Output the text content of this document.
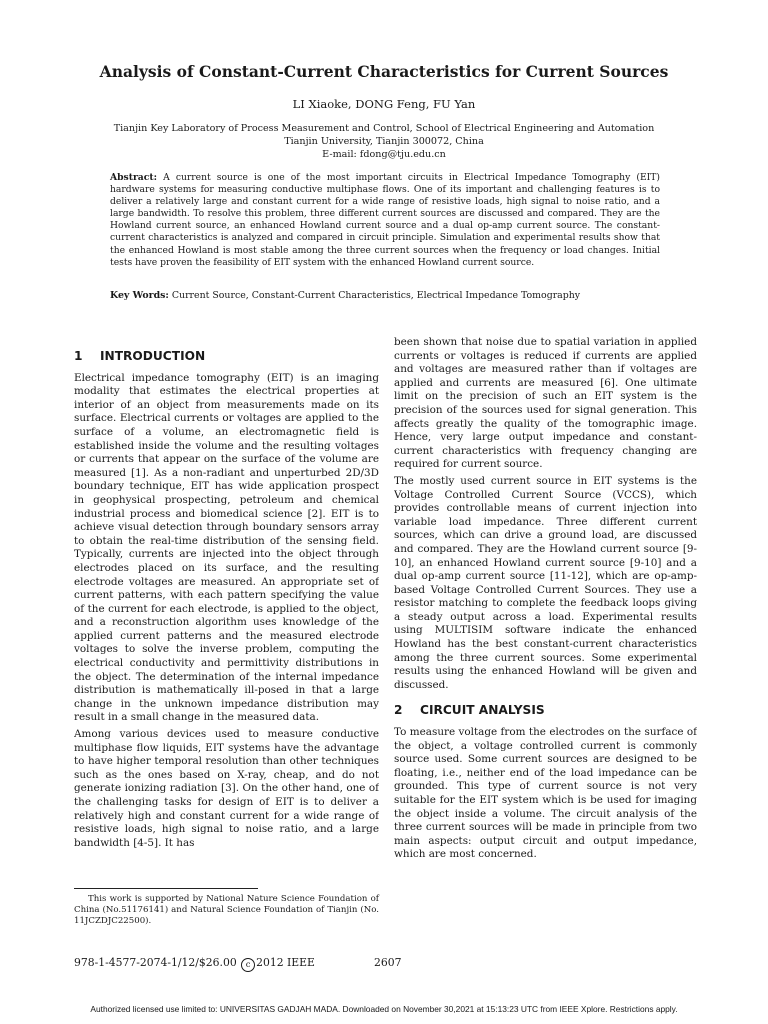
Analysis of Constant-Current Characteristics for Current Sources
LI Xiaoke, DONG Feng, FU Yan
Tianjin Key Laboratory of Process Measurement and Control, School of Electrical Engineering and Automation
Tianjin University, Tianjin 300072, China
E-mail: fdong@tju.edu.cn
Abstract: A current source is one of the most important circuits in Electrical Impedance Tomography (EIT) hardware systems for measuring conductive multiphase flows. One of its important and challenging features is to deliver a relatively large and constant current for a wide range of resistive loads, high signal to noise ratio, and a large bandwidth. To resolve this problem, three different current sources are discussed and compared. They are the Howland current source, an enhanced Howland current source and a dual op-amp current source. The constant-current characteristics is analyzed and compared in circuit principle. Simulation and experimental results show that the enhanced Howland is most stable among the three current sources when the frequency or load changes. Initial tests have proven the feasibility of EIT system with the enhanced Howland current source.
Key Words: Current Source, Constant-Current Characteristics, Electrical Impedance Tomography
1 INTRODUCTION

Electrical impedance tomography (EIT) is an imaging modality that estimates the electrical properties at interior of an object from measurements made on its surface. Electrical currents or voltages are applied to the surface of a volume, an electromagnetic field is established inside the volume and the resulting voltages or currents that appear on the surface of the volume are measured [1]. As a non-radiant and unperturbed 2D/3D boundary technique, EIT has wide application prospect in geophysical prospecting, petroleum and chemical industrial process and biomedical science [2]. EIT is to achieve visual detection through boundary sensors array to obtain the real-time distribution of the sensing field. Typically, currents are injected into the object through electrodes placed on its surface, and the resulting electrode voltages are measured. An appropriate set of current patterns, with each pattern specifying the value of the current for each electrode, is applied to the object, and a reconstruction algorithm uses knowledge of the applied current patterns and the measured electrode voltages to solve the inverse problem, computing the electrical conductivity and permittivity distributions in the object. The determination of the internal impedance distribution is mathematically ill-posed in that a large change in the unknown impedance distribution may result in a small change in the measured data.

Among various devices used to measure conductive multiphase flow liquids, EIT systems have the advantage to have higher temporal resolution than other techniques such as the ones based on X-ray, cheap, and do not generate ionizing radiation [3]. On the other hand, one of the challenging tasks for design of EIT is to deliver a relatively high and constant current for a wide range of resistive loads, high signal to noise ratio, and a large bandwidth [4-5]. It has

been shown that noise due to spatial variation in applied currents or voltages is reduced if currents are applied and voltages are measured rather than if voltages are applied and currents are measured [6]. One ultimate limit on the precision of such an EIT system is the precision of the sources used for signal generation. This affects greatly the quality of the tomographic image. Hence, very large output impedance and constant-current characteristics with frequency changing are required for current source.

The mostly used current source in EIT systems is the Voltage Controlled Current Source (VCCS), which provides controllable means of current injection into variable load impedance. Three different current sources, which can drive a ground load, are discussed and compared. They are the Howland current source [9-10], an enhanced Howland current source [9-10] and a dual op-amp current source [11-12], which are op-amp-based Voltage Controlled Current Sources. They use a resistor matching to complete the feedback loops giving a steady output across a load. Experimental results using MULTISIM software indicate the enhanced Howland has the best constant-current characteristics among the three current sources. Some experimental results using the enhanced Howland will be given and discussed.

2 CIRCUIT ANALYSIS

To measure voltage from the electrodes on the surface of the object, a voltage controlled current is commonly source used. Some current sources are designed to be floating, i.e., neither end of the load impedance can be grounded. This type of current source is not very suitable for the EIT system which is be used for imaging the object inside a volume. The circuit analysis of the three current sources will be made in principle from two main aspects: output circuit and output impedance, which are most concerned.

This work is supported by National Nature Science Foundation of China (No.51176141) and Natural Science Foundation of Tianjin (No. 11JCZDJC22500).
978-1-4577-2074-1/12/$26.00 c 2012 IEEE	2607
Authorized licensed use limited to: UNIVERSITAS GADJAH MADA. Downloaded on November 30,2021 at 15:13:23 UTC from IEEE Xplore. Restrictions apply.
